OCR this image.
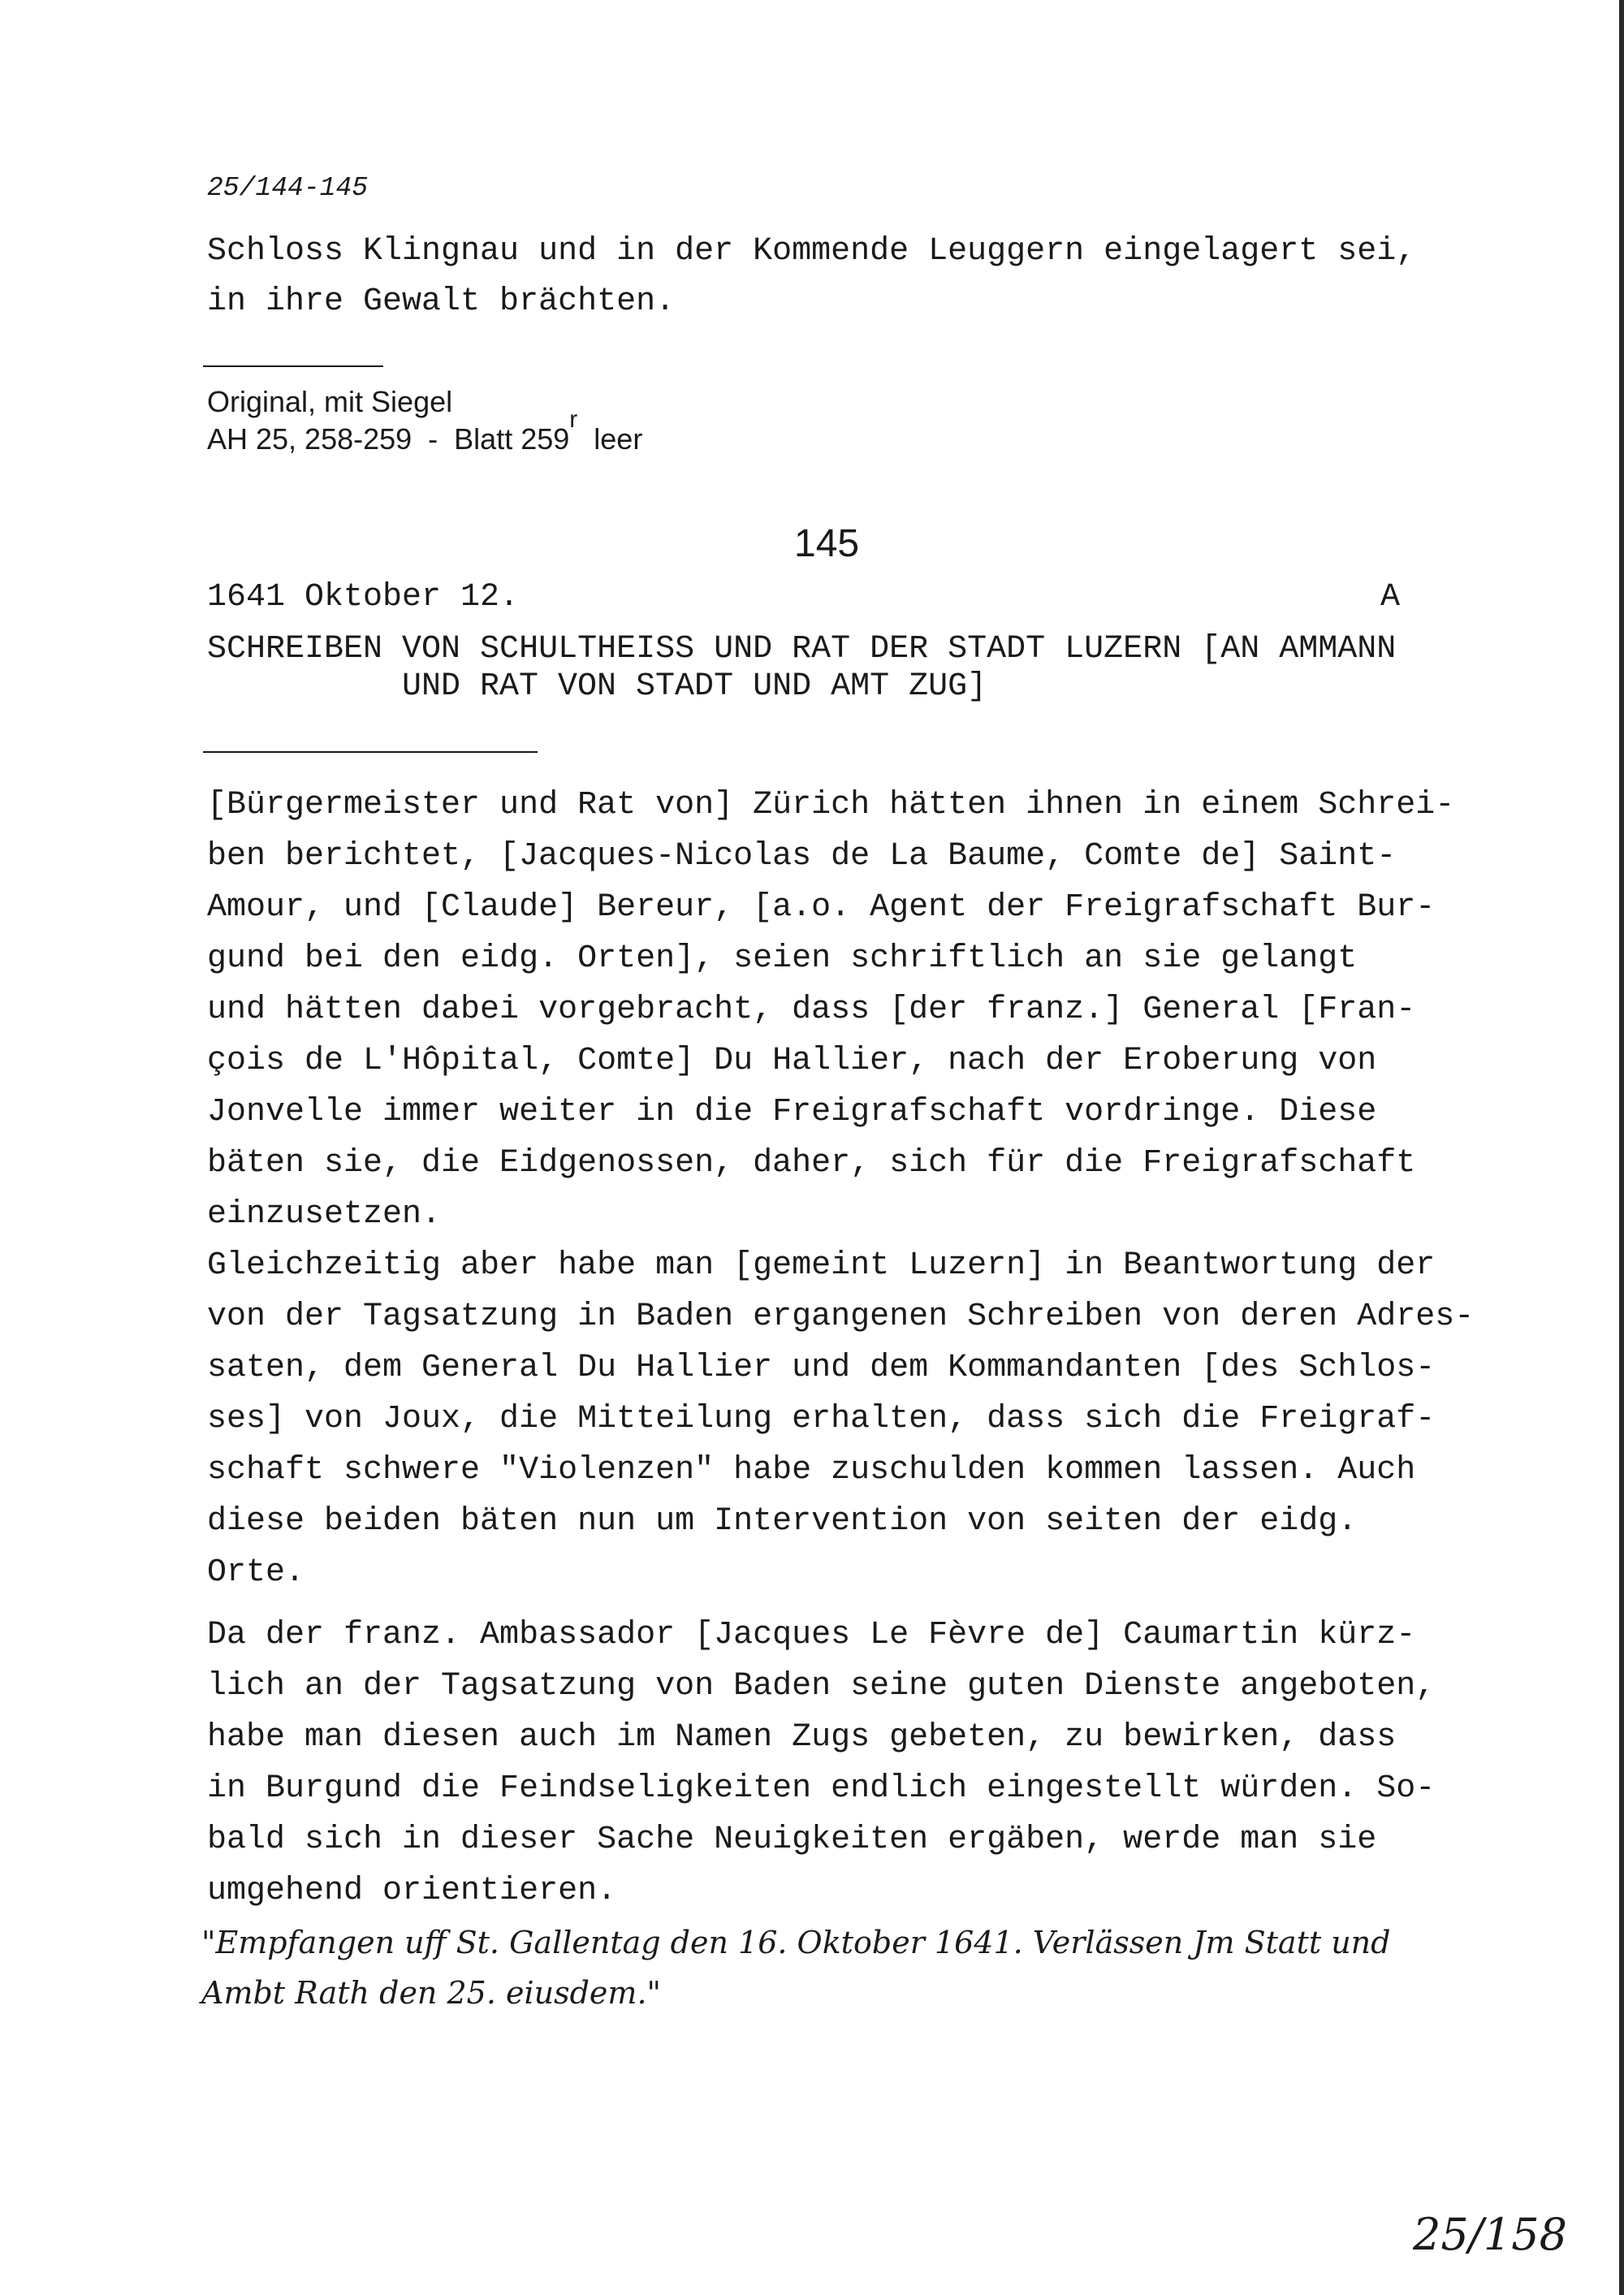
25/144-145
Schloss Klingnau und in der Kommende Leuggern eingelagert sei,
in ihre Gewalt brächten.
Original, mit Siegel
AH 25, 258-259  -  Blatt 259
r
leer
145
1641 Oktober 12.	A
SCHREIBEN VON SCHULTHEISS UND RAT DER STADT LUZERN [AN AMMANN
UND RAT VON STADT UND AMT ZUG]
[Bürgermeister und Rat von] Zürich hätten ihnen in einem Schrei-
ben berichtet, [Jacques-Nicolas de La Baume, Comte de] Saint-
Amour, und [Claude] Bereur, [a.o. Agent der Freigrafschaft Bur-
gund bei den eidg. Orten], seien schriftlich an sie gelangt
und hätten dabei vorgebracht, dass [der franz.] General [Fran-
çois de L'Hôpital, Comte] Du Hallier, nach der Eroberung von
Jonvelle immer weiter in die Freigrafschaft vordringe. Diese
bäten sie, die Eidgenossen, daher, sich für die Freigrafschaft
einzusetzen.
Gleichzeitig aber habe man [gemeint Luzern] in Beantwortung der
von der Tagsatzung in Baden ergangenen Schreiben von deren Adres-
saten, dem General Du Hallier und dem Kommandanten [des Schlos-
ses] von Joux, die Mitteilung erhalten, dass sich die Freigraf-
schaft schwere "Violenzen" habe zuschulden kommen lassen. Auch
diese beiden bäten nun um Intervention von seiten der eidg.
Orte.
Da der franz. Ambassador [Jacques Le Fèvre de] Caumartin kürz-
lich an der Tagsatzung von Baden seine guten Dienste angeboten,
habe man diesen auch im Namen Zugs gebeten, zu bewirken, dass
in Burgund die Feindseligkeiten endlich eingestellt würden. So-
bald sich in dieser Sache Neuigkeiten ergäben, werde man sie
umgehend orientieren.
"Empfangen uff St. Gallentag den 16. Oktober 1641. Verlässen Jm Statt und
Ambt Rath den 25. eiusdem."
25/158
